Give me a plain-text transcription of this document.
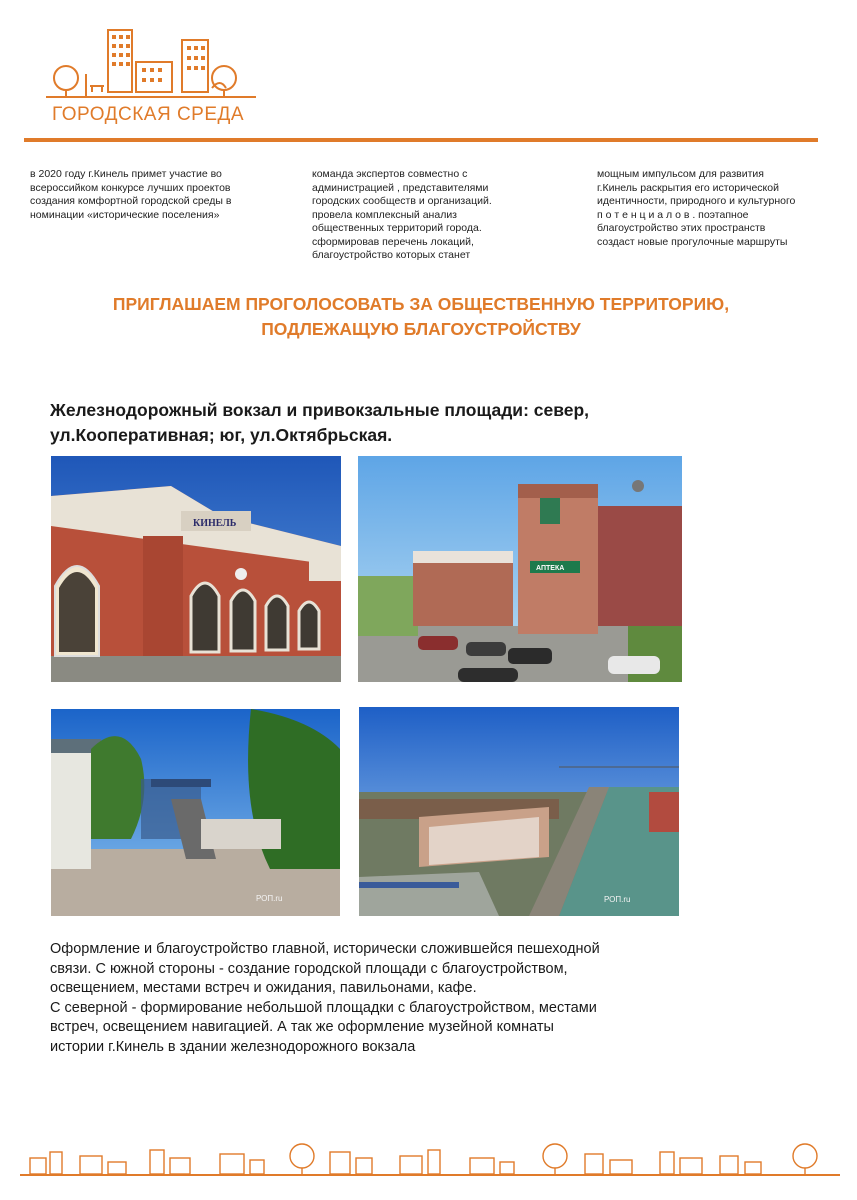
ГОРОДСКАЯ СРЕДА

в 2020 году г.Кинель примет участие во

всероссийком конкурсе лучших проектов

создания комфортной городской среды в

номинации «исторические поселения»

команда экспертов совместно с

администрацией , представителями

городских сообществ и организаций.

провела комплексный анализ

общественных территорий города.

сформировав перечень локаций,

благоустройство которых станет

мощным импульсом для развития

г.Кинель раскрытия его исторической

идентичности, природного и культурного

п о т е н ц и а л о в . поэтапное

благоустройство этих пространств

создаст новые прогулочные маршруты

ПРИГЛАШАЕМ ПРОГОЛОСОВАТЬ ЗА ОБЩЕСТВЕННУЮ ТЕРРИТОРИЮ,

ПОДЛЕЖАЩУЮ БЛАГОУСТРОЙСТВУ

Железнодорожный вокзал и привокзальные площади: север,

ул.Кооперативная; юг, ул.Октябрьская.

КИНЕЛЬ
АПТЕКА
РОП.ru	РОП.ru

Оформление и благоустройство главной, исторически сложившейся пешеходной

связи. С южной стороны - создание городской площади с благоустройством,

освещением, местами встреч и ожидания, павильонами, кафе.

С северной - формирование небольшой площадки с благоустройством, местами

встреч, освещением навигацией. А так же оформление музейной комнаты

истории г.Кинель в здании железнодорожного вокзала
